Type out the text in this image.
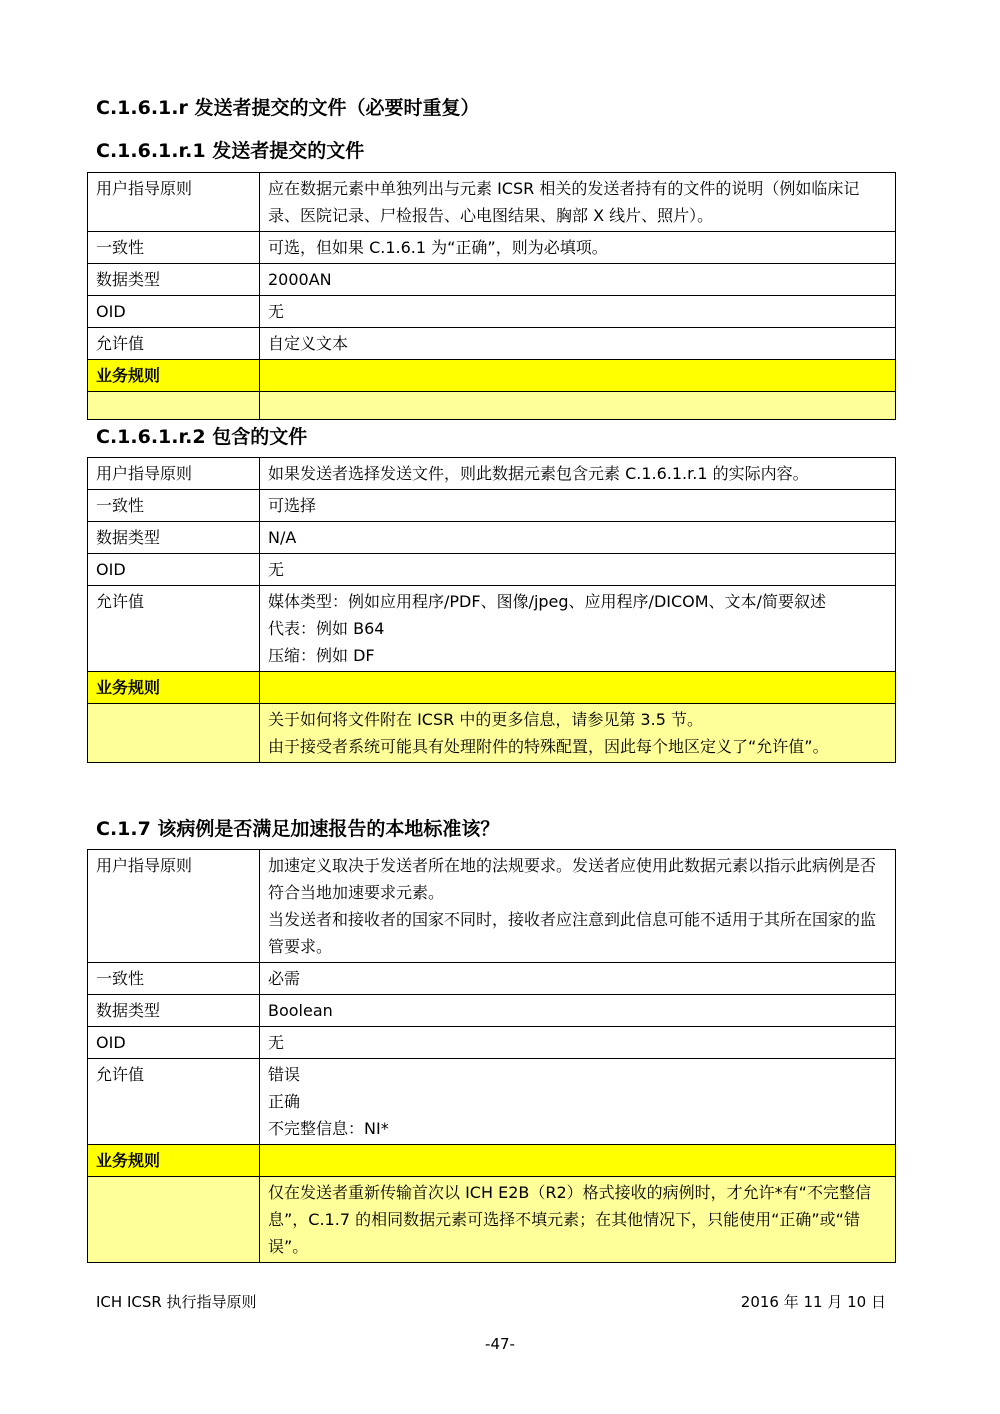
C.1.6.1.r 发送者提交的文件（必要时重复）
C.1.6.1.r.1 发送者提交的文件
用户指导原则	应在数据元素中单独列出与元素 ICSR 相关的发送者持有的文件的说明（例如临床记录、医院记录、尸检报告、心电图结果、胸部 X 线片、照片）。
一致性	可选，但如果 C.1.6.1 为“正确”，则为必填项。
数据类型	2000AN
OID	无
允许值	自定义文本
业务规则	

C.1.6.1.r.2 包含的文件
用户指导原则	如果发送者选择发送文件，则此数据元素包含元素 C.1.6.1.r.1 的实际内容。
一致性	可选择
数据类型	N/A
OID	无
允许值	媒体类型：例如应用程序/PDF、图像/jpeg、应用程序/DICOM、文本/简要叙述

代表：例如 B64

压缩：例如 DF

业务规则	

	关于如何将文件附在 ICSR 中的更多信息，请参见第 3.5 节。

由于接受者系统可能具有处理附件的特殊配置，因此每个地区定义了“允许值”。

C.1.7 该病例是否满足加速报告的本地标准该？
用户指导原则	加速定义取决于发送者所在地的法规要求。发送者应使用此数据元素以指示此病例是否符合当地加速要求元素。

当发送者和接收者的国家不同时，接收者应注意到此信息可能不适用于其所在国家的监管要求。

一致性	必需
数据类型	Boolean
OID	无
允许值	错误

正确

不完整信息：NI*

业务规则	

	仅在发送者重新传输首次以 ICH E2B（R2）格式接收的病例时，才允许*有“不完整信息”，C.1.7 的相同数据元素可选择不填元素；在其他情况下，只能使用“正确”或“错误”。

ICH ICSR 执行指导原则	2016 年 11 月 10 日
-47-
